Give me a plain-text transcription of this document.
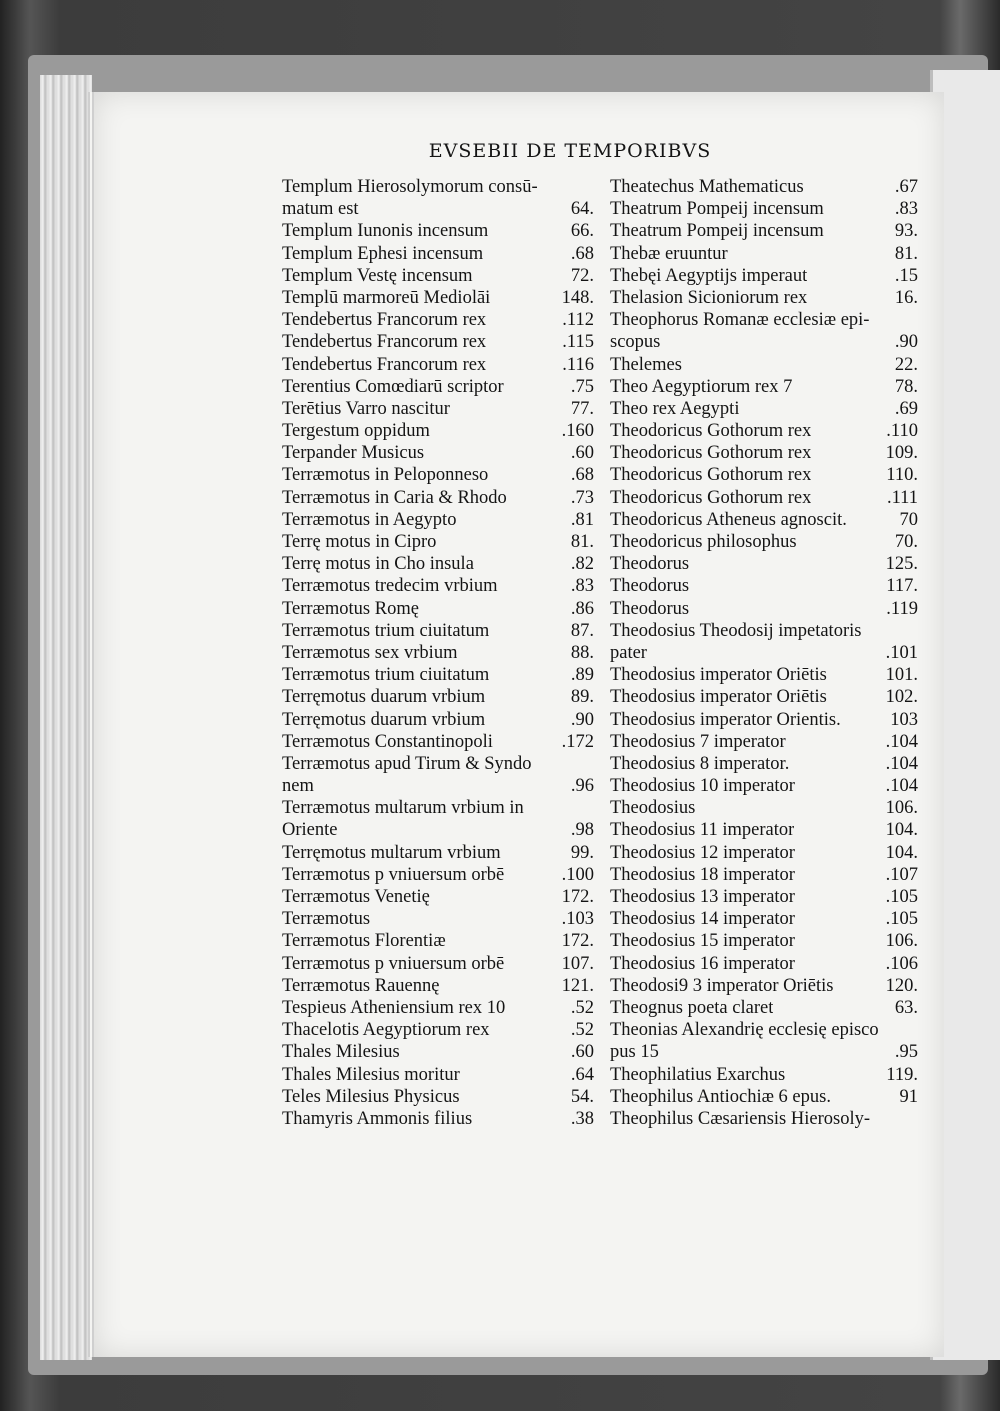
EVSEBII DE TEMPORIBVS
Templum Hierosolymorum consū-
matum est	64.
Templum Iunonis incensum	66.
Templum Ephesi incensum	.68
Templum Vestę incensum	72.
Templū marmoreū Mediolāi	148.
Tendebertus Francorum rex	.112
Tendebertus Francorum rex	.115
Tendebertus Francorum rex	.116
Terentius Comœdiarū scriptor	.75
Terētius Varro nascitur	77.
Tergestum oppidum	.160
Terpander Musicus	.60
Terræmotus in Peloponneso	.68
Terræmotus in Caria & Rhodo	.73
Terræmotus in Aegypto	.81
Terrę motus in Cipro	81.
Terrę motus in Cho insula	.82
Terræmotus tredecim vrbium	.83
Terræmotus Romę	.86
Terræmotus trium ciuitatum	87.
Terræmotus sex vrbium	88.
Terræmotus trium ciuitatum	.89
Terręmotus duarum vrbium	89.
Terręmotus duarum vrbium	.90
Terræmotus Constantinopoli	.172
Terræmotus apud Tirum & Syndo
nem	.96
Terræmotus multarum vrbium in
Oriente	.98
Terręmotus multarum vrbium	99.
Terræmotus p vniuersum orbē	.100
Terræmotus Venetię	172.
Terræmotus	.103
Terræmotus Florentiæ	172.
Terræmotus p vniuersum orbē	107.
Terræmotus Rauennę	121.
Tespieus Atheniensium rex 10	.52
Thacelotis Aegyptiorum rex	.52
Thales Milesius	.60
Thales Milesius moritur	.64
Teles Milesius Physicus	54.
Thamyris Ammonis filius	.38
Theatechus Mathematicus	.67
Theatrum Pompeij incensum	.83
Theatrum Pompeij incensum	93.
Thebæ eruuntur	81.
Thebęi Aegyptijs imperaut	.15
Thelasion Sicioniorum rex	16.
Theophorus Romanæ ecclesiæ epi-
scopus	.90
Thelemes	22.
Theo Aegyptiorum rex 7	78.
Theo rex Aegypti	.69
Theodoricus Gothorum rex	.110
Theodoricus Gothorum rex	109.
Theodoricus Gothorum rex	110.
Theodoricus Gothorum rex	.111
Theodoricus Atheneus agnoscit.	70
Theodoricus philosophus	70.
Theodorus	125.
Theodorus	117.
Theodorus	.119
Theodosius Theodosij impetatoris
pater	.101
Theodosius imperator Oriētis	101.
Theodosius imperator Oriētis	102.
Theodosius imperator Orientis.	103
Theodosius 7 imperator	.104
Theodosius 8 imperator.	.104
Theodosius 10 imperator	.104
Theodosius	106.
Theodosius 11 imperator	104.
Theodosius 12 imperator	104.
Theodosius 18 imperator	.107
Theodosius 13 imperator	.105
Theodosius 14 imperator	.105
Theodosius 15 imperator	106.
Theodosius 16 imperator	.106
Theodosi9 3 imperator Oriētis	120.
Theognus poeta claret	63.
Theonias Alexandrię ecclesię episco
pus 15	.95
Theophilatius Exarchus	119.
Theophilus Antiochiæ 6 epus.	91
Theophilus Cæsariensis Hierosoly-
